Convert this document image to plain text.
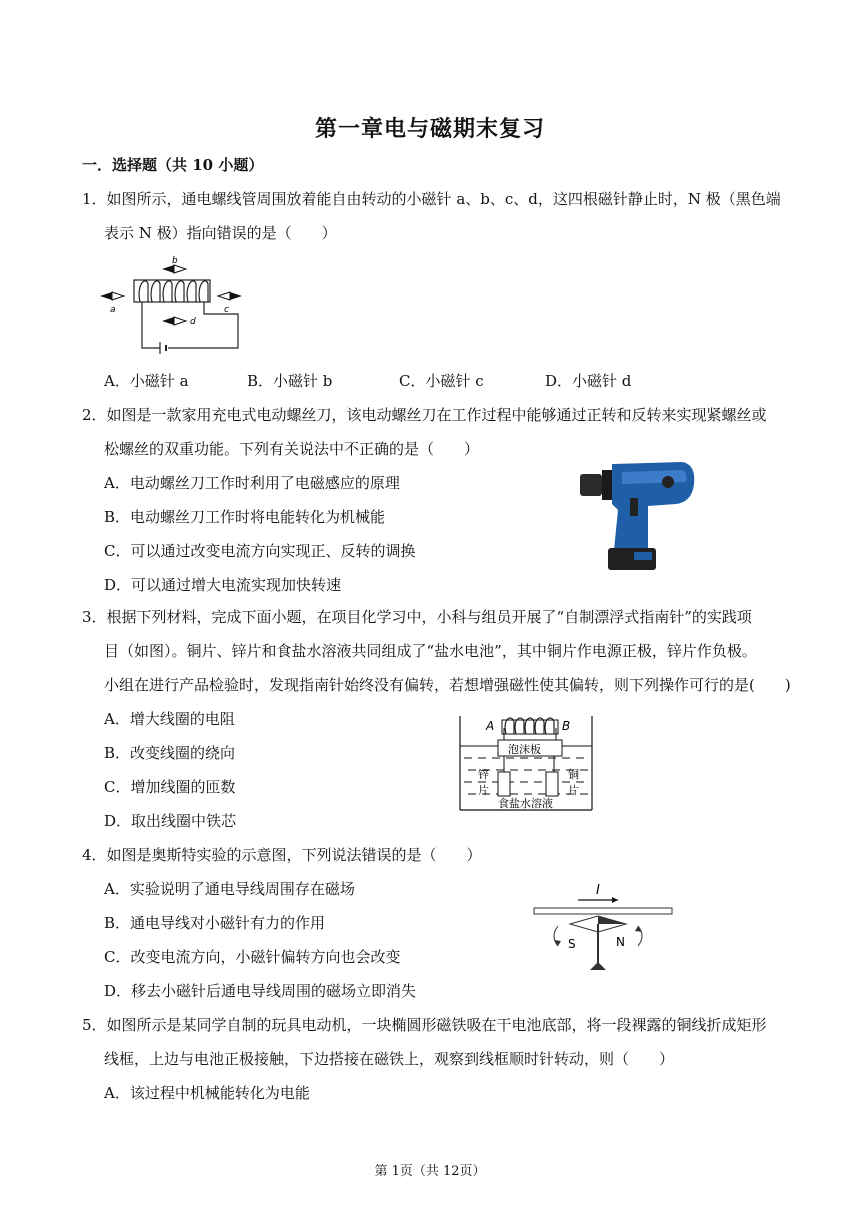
第一章电与磁期末复习
一．选择题（共 10 小题）
1．如图所示，通电螺线管周围放着能自由转动的小磁针 a、b、c、d，这四根磁针静止时，N 极（黑色端
表示 N 极）指向错误的是（　　）
a
b
c
d
A．小磁针 a	B．小磁针 b	C．小磁针 c	D．小磁针 d
2．如图是一款家用充电式电动螺丝刀，该电动螺丝刀在工作过程中能够通过正转和反转来实现紧螺丝或
松螺丝的双重功能。下列有关说法中不正确的是（　　）
A．电动螺丝刀工作时利用了电磁感应的原理
B．电动螺丝刀工作时将电能转化为机械能
C．可以通过改变电流方向实现正、反转的调换
D．可以通过增大电流实现加快转速
3．根据下列材料，完成下面小题，在项目化学习中，小科与组员开展了“自制漂浮式指南针”的实践项
目（如图）。铜片、锌片和食盐水溶液共同组成了“盐水电池”，其中铜片作电源正极，锌片作负极。
小组在进行产品检验时，发现指南针始终没有偏转，若想增强磁性使其偏转，则下列操作可行的是(　　)
A．增大线圈的电阻
B．改变线圈的绕向
C．增加线圈的匝数
D．取出线圈中铁芯
A	B
泡沫板
锌
片
铜
片
食盐水溶液
4．如图是奥斯特实验的示意图，下列说法错误的是（　　）
A．实验说明了通电导线周围存在磁场
B．通电导线对小磁针有力的作用
C．改变电流方向，小磁针偏转方向也会改变
D．移去小磁针后通电导线周围的磁场立即消失
I
S	N
5．如图所示是某同学自制的玩具电动机，一块椭圆形磁铁吸在干电池底部，将一段裸露的铜线折成矩形
线框，上边与电池正极接触，下边搭接在磁铁上，观察到线框顺时针转动，则（　　）
A．该过程中机械能转化为电能
第 1页（共 12页）
